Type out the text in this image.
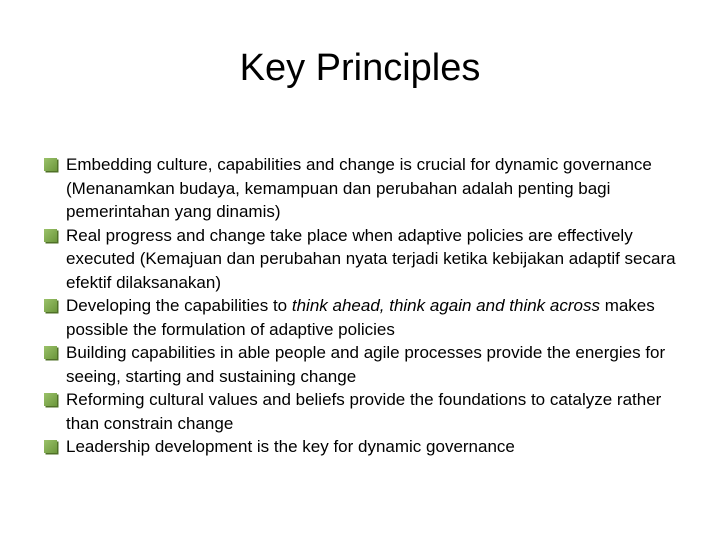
Key Principles
Embedding culture, capabilities and change is crucial for dynamic governance (Menanamkan budaya, kemampuan dan perubahan adalah penting bagi pemerintahan yang dinamis)
Real progress and change take place when adaptive policies are effectively executed (Kemajuan dan perubahan nyata terjadi ketika kebijakan adaptif secara efektif dilaksanakan)
Developing the capabilities to think ahead, think again and think across makes possible the formulation of adaptive policies
Building capabilities in able people and agile processes provide the energies for seeing, starting and sustaining change
Reforming cultural values and beliefs provide the foundations to catalyze rather than constrain change
Leadership development is the key for dynamic governance
